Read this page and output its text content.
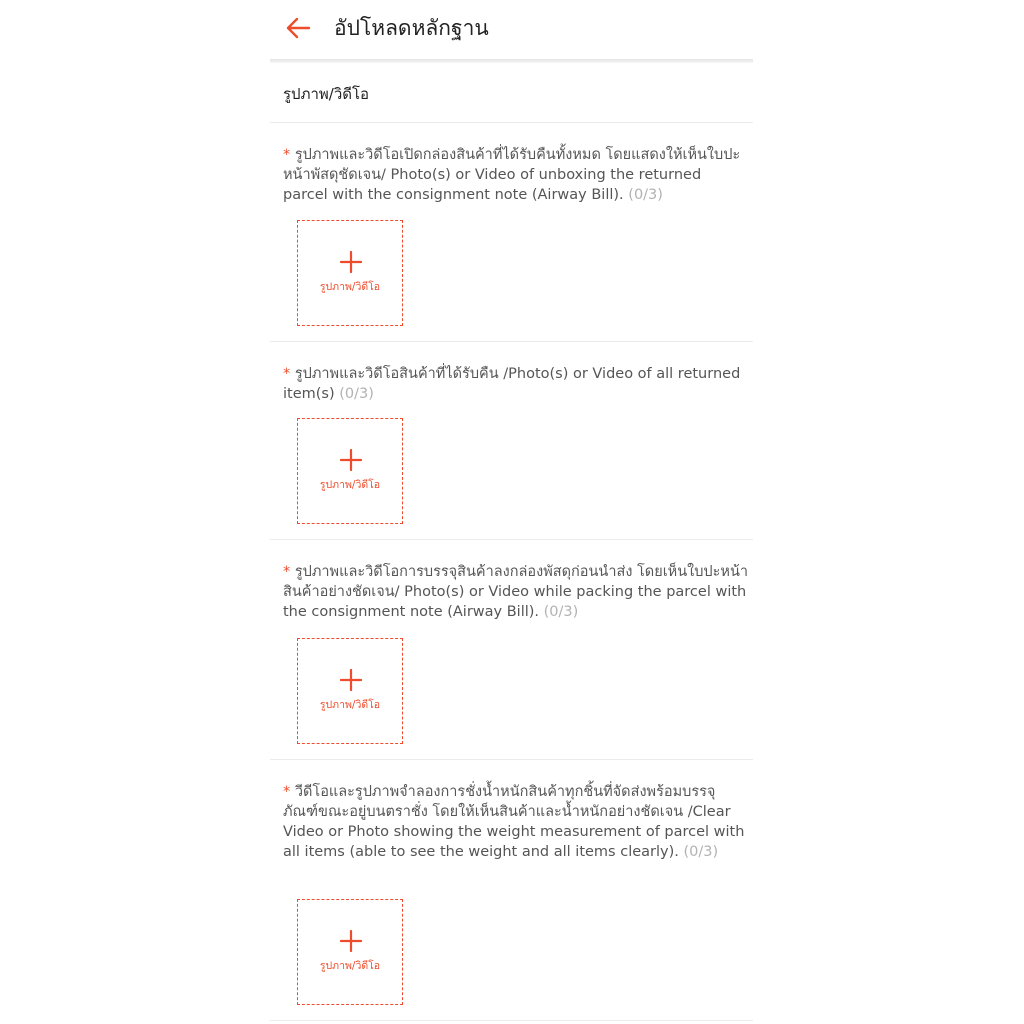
อัปโหลดหลักฐาน
รูปภาพ/วิดีโอ
* รูปภาพและวิดีโอเปิดกล่องสินค้าที่ได้รับคืนทั้งหมด โดยแสดงให้เห็นใบปะหน้าพัสดุชัดเจน/ Photo(s) or Video of unboxing the returned parcel with the consignment note (Airway Bill). (0/3)
รูปภาพ/วิดีโอ
* รูปภาพและวิดีโอสินค้าที่ได้รับคืน /Photo(s) or Video of all returned item(s) (0/3)
รูปภาพ/วิดีโอ
* รูปภาพและวิดีโอการบรรจุสินค้าลงกล่องพัสดุก่อนนำส่ง โดยเห็นใบปะหน้าสินค้าอย่างชัดเจน/ Photo(s) or Video while packing the parcel with the consignment note (Airway Bill). (0/3)
รูปภาพ/วิดีโอ
* วีดีโอและรูปภาพจำลองการชั่งน้ำหนักสินค้าทุกชิ้นที่จัดส่งพร้อมบรรจุภัณฑ์ขณะอยู่บนตราชั่ง โดยให้เห็นสินค้าและน้ำหนักอย่างชัดเจน /Clear Video or Photo showing the weight measurement of parcel with all items (able to see the weight and all items clearly). (0/3)
รูปภาพ/วิดีโอ
